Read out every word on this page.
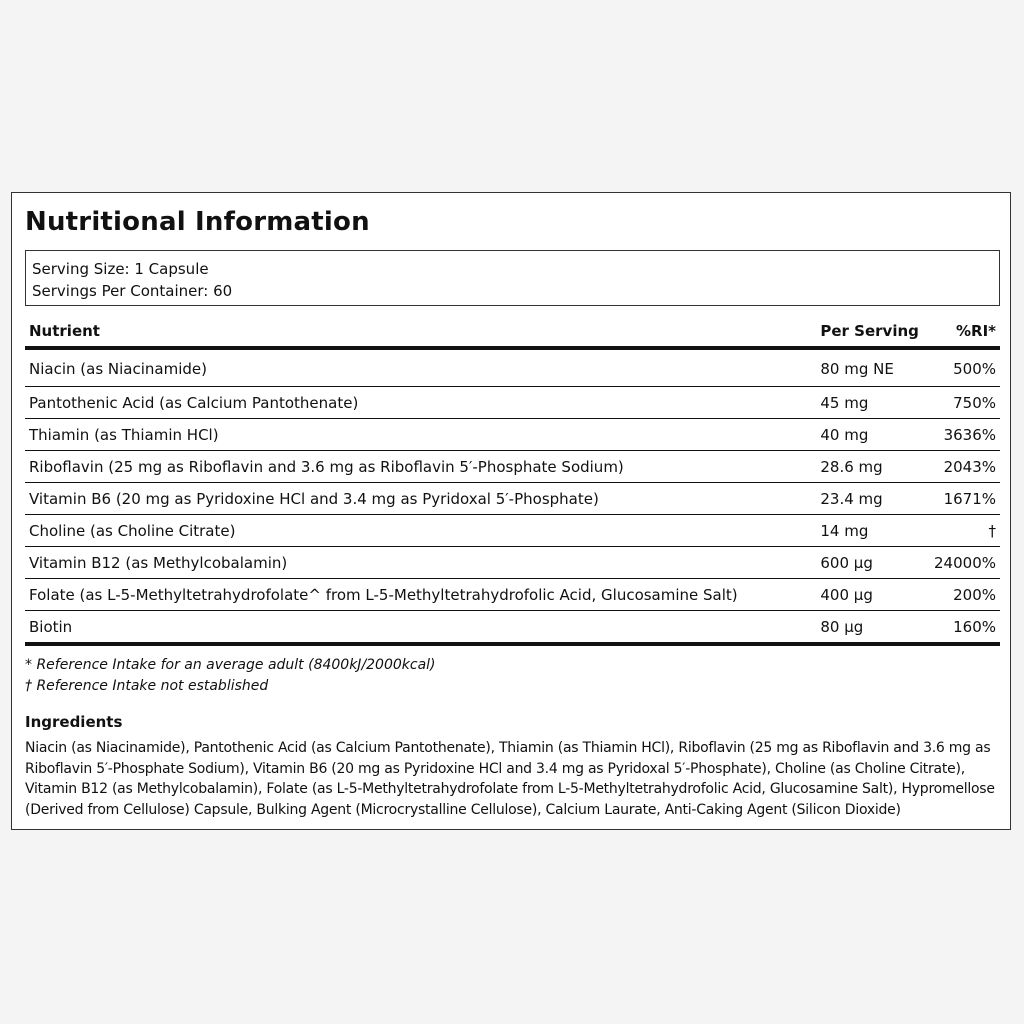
Nutritional Information
Serving Size: 1 Capsule
Servings Per Container: 60
Nutrient	Per Serving	%RI*
Niacin (as Niacinamide)	80 mg NE	500%
Pantothenic Acid (as Calcium Pantothenate)	45 mg	750%
Thiamin (as Thiamin HCl)	40 mg	3636%
Riboflavin (25 mg as Riboflavin and 3.6 mg as Riboflavin 5′-Phosphate Sodium)	28.6 mg	2043%
Vitamin B6 (20 mg as Pyridoxine HCl and 3.4 mg as Pyridoxal 5′-Phosphate)	23.4 mg	1671%
Choline (as Choline Citrate)	14 mg	†
Vitamin B12 (as Methylcobalamin)	600 µg	24000%
Folate (as L-5-Methyltetrahydrofolate^ from L-5-Methyltetrahydrofolic Acid, Glucosamine Salt)	400 µg	200%
Biotin	80 µg	160%
* Reference Intake for an average adult (8400kJ/2000kcal)
† Reference Intake not established
Ingredients
Niacin (as Niacinamide), Pantothenic Acid (as Calcium Pantothenate), Thiamin (as Thiamin HCl), Riboflavin (25 mg as Riboflavin and 3.6 mg as Riboflavin 5′-Phosphate Sodium), Vitamin B6 (20 mg as Pyridoxine HCl and 3.4 mg as Pyridoxal 5′-Phosphate), Choline (as Choline Citrate), Vitamin B12 (as Methylcobalamin), Folate (as L-5-Methyltetrahydrofolate from L-5-Methyltetrahydrofolic Acid, Glucosamine Salt), Hypromellose (Derived from Cellulose) Capsule, Bulking Agent (Microcrystalline Cellulose), Calcium Laurate, Anti-Caking Agent (Silicon Dioxide)
